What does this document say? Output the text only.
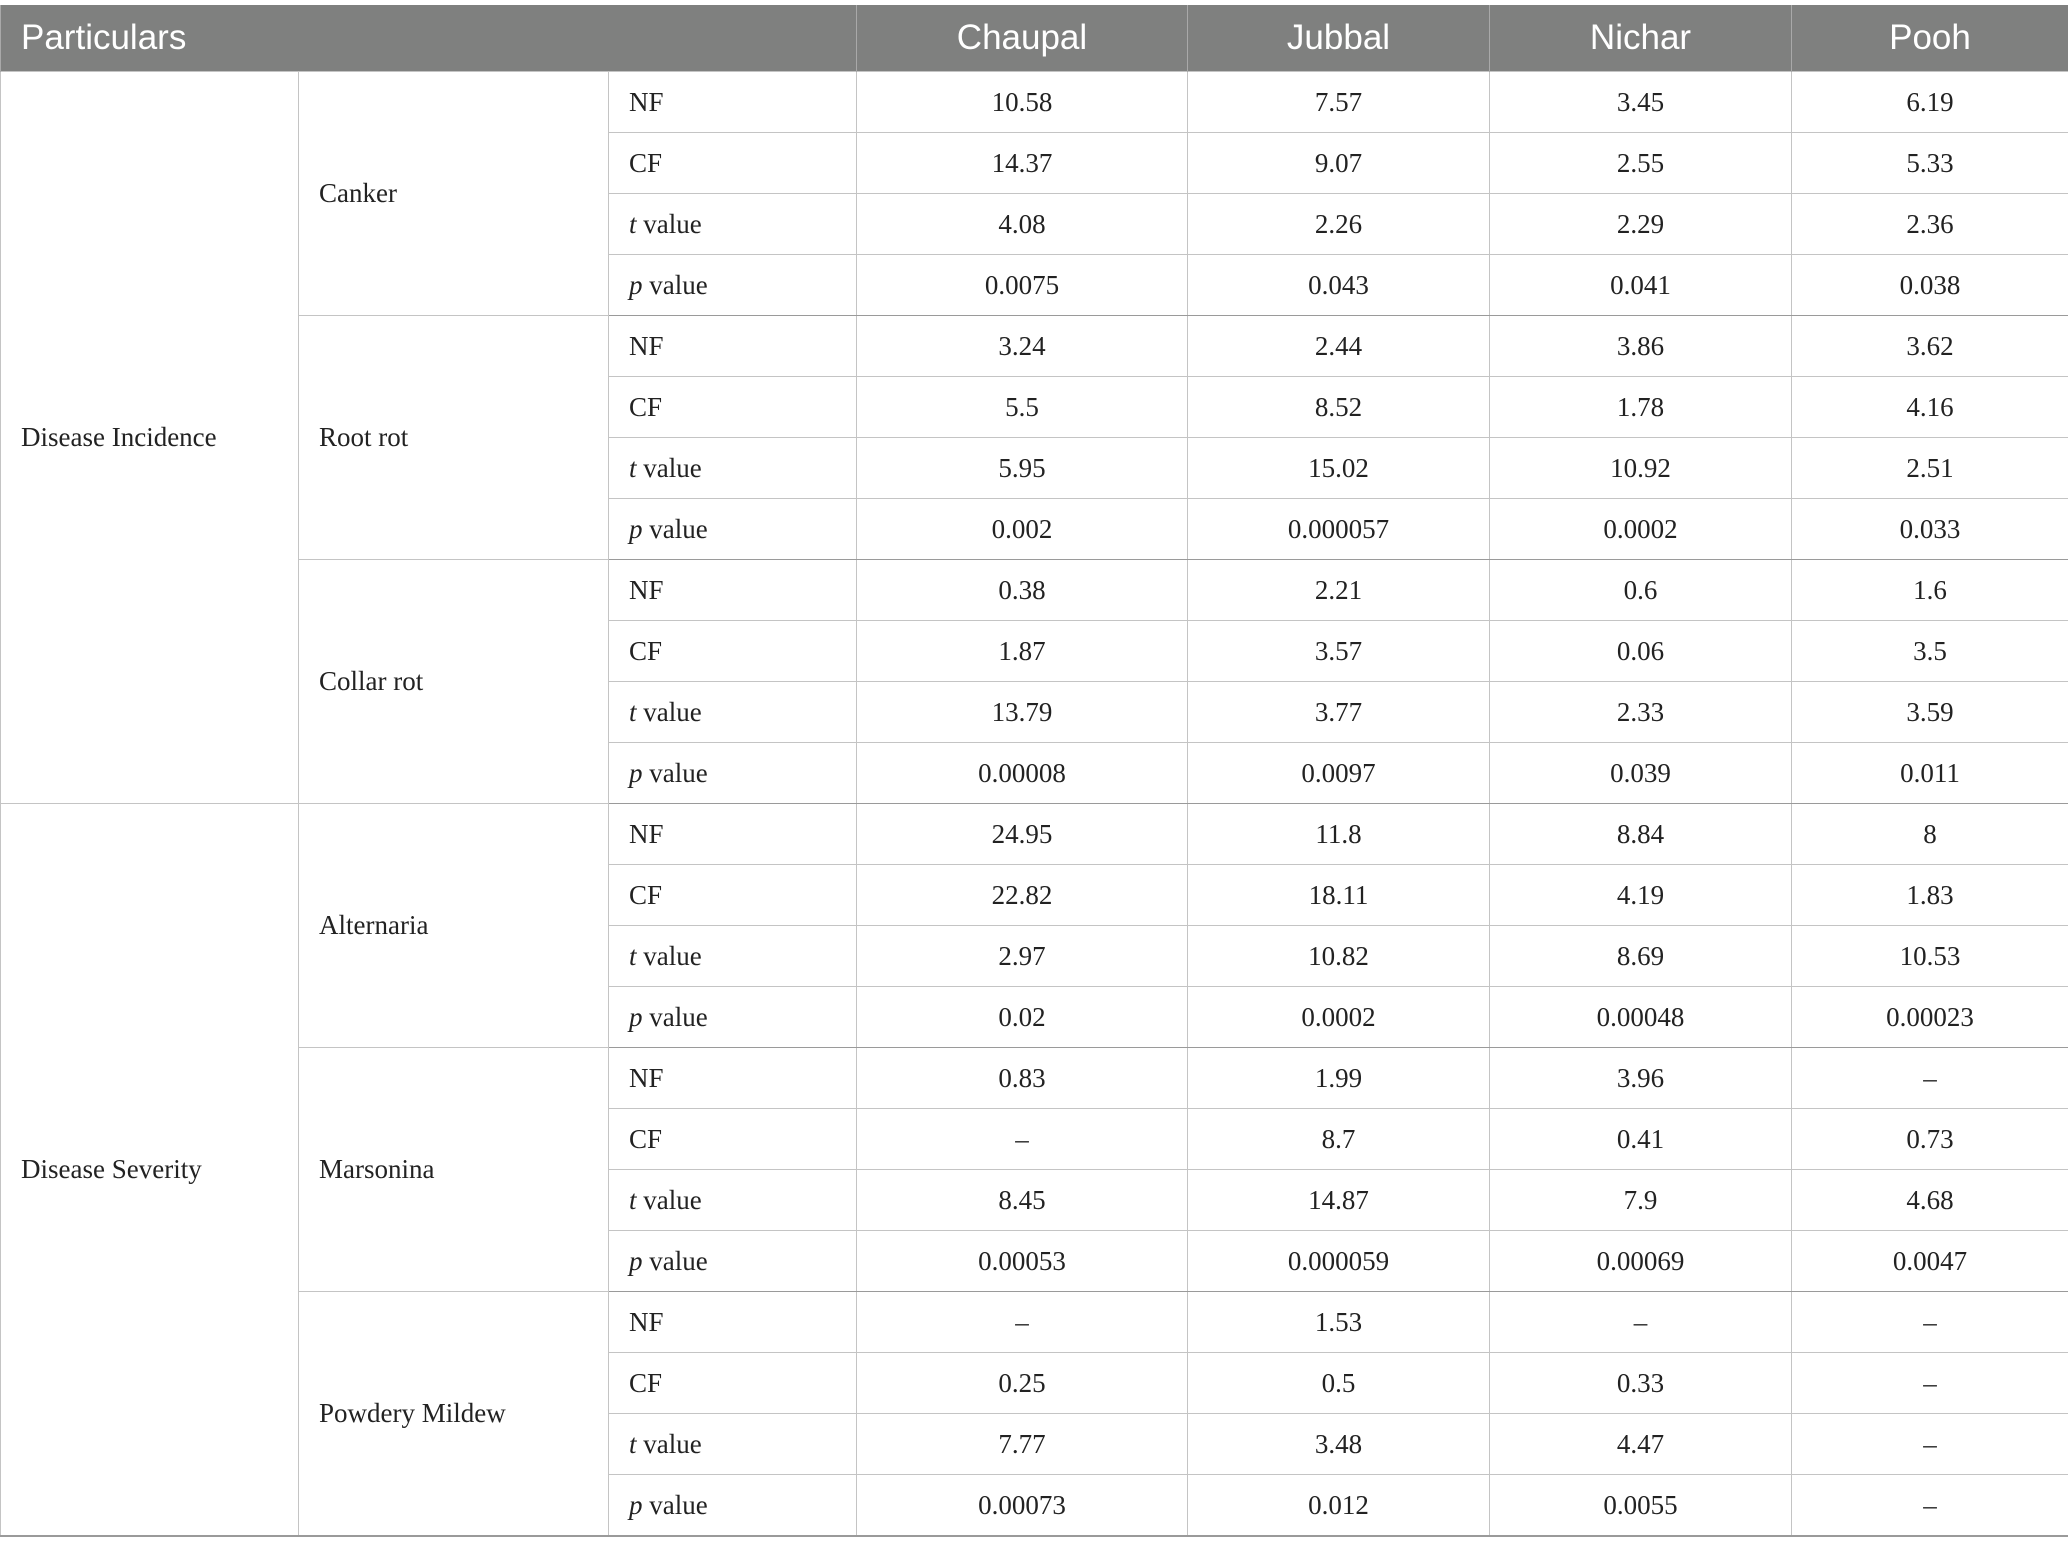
Particulars			Chaupal	Jubbal	Nichar	Pooh
Disease Incidence	Canker	NF	10.58	7.57	3.45	6.19
		CF	14.37	9.07	2.55	5.33
		t value	4.08	2.26	2.29	2.36
		p value	0.0075	0.043	0.041	0.038
	Root rot	NF	3.24	2.44	3.86	3.62
		CF	5.5	8.52	1.78	4.16
		t value	5.95	15.02	10.92	2.51
		p value	0.002	0.000057	0.0002	0.033
	Collar rot	NF	0.38	2.21	0.6	1.6
		CF	1.87	3.57	0.06	3.5
		t value	13.79	3.77	2.33	3.59
		p value	0.00008	0.0097	0.039	0.011
Disease Severity	Alternaria	NF	24.95	11.8	8.84	8
		CF	22.82	18.11	4.19	1.83
		t value	2.97	10.82	8.69	10.53
		p value	0.02	0.0002	0.00048	0.00023
	Marsonina	NF	0.83	1.99	3.96	–
		CF	–	8.7	0.41	0.73
		t value	8.45	14.87	7.9	4.68
		p value	0.00053	0.000059	0.00069	0.0047
	Powdery Mildew	NF	–	1.53	–	–
		CF	0.25	0.5	0.33	–
		t value	7.77	3.48	4.47	–
		p value	0.00073	0.012	0.0055	–
